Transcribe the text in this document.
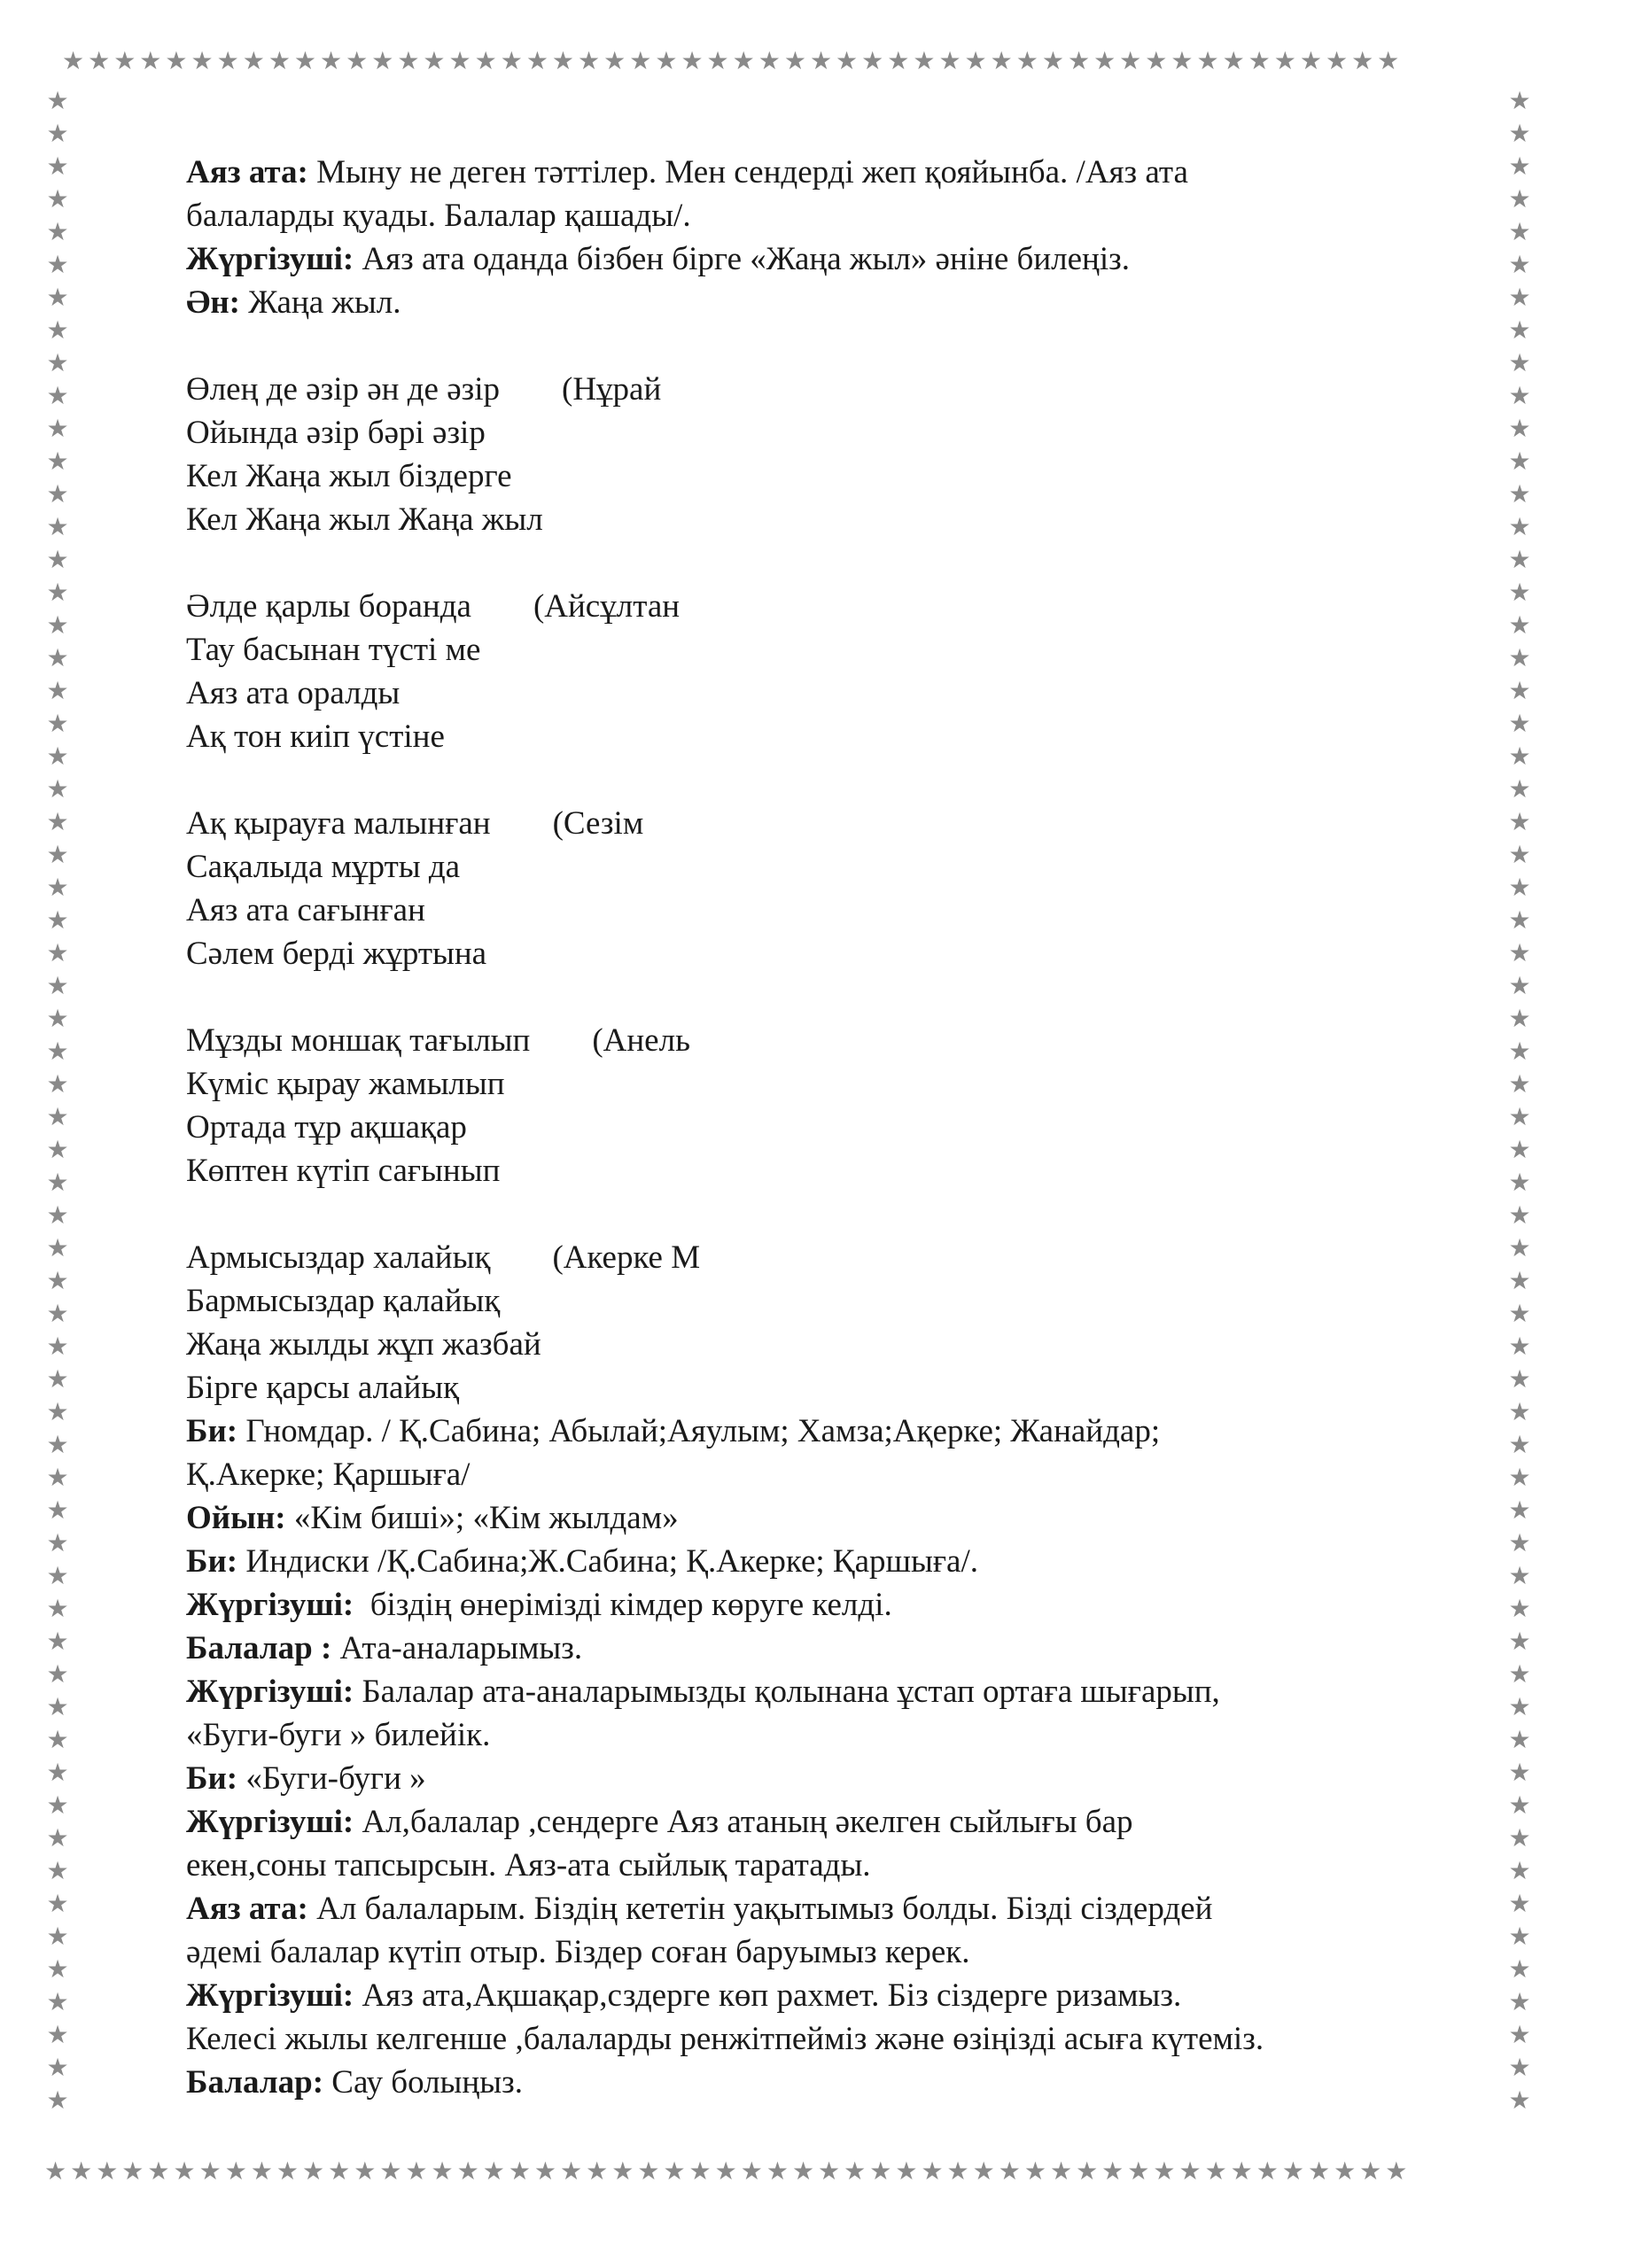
★★★★★★★★★★★★★★★★★★★★★★★★★★★★★★★★★★★★★★★★★★★★★★★★★★★★
★★★★★★★★★★★★★★★★★★★★★★★★★★★★★★★★★★★★★★★★★★★★★★★★★★★★★
★
★
★
★
★
★
★
★
★
★
★
★
★
★
★
★
★
★
★
★
★
★
★
★
★
★
★
★
★
★
★
★
★
★
★
★
★
★
★
★
★
★
★
★
★
★
★
★
★
★
★
★
★
★
★
★
★
★
★
★
★
★
★
★
★
★
★
★
★
★
★
★
★
★
★
★
★
★
★
★
★
★
★
★
★
★
★
★
★
★
★
★
★
★
★
★
★
★
★
★
★
★
★
★
★
★
★
★
★
★
★
★
★
★
★
★
★
★
★
★
★
★
★
★
Аяз ата: Мыну не деген тәттілер. Мен сендерді жеп қояйынба. /Аяз ата
балаларды қуады. Балалар қашады/.
Жүргізуші: Аяз ата оданда бізбен бірге «Жаңа жыл» әніне билеңіз.
Ән: Жаңа жыл.
Өлең де әзір ән де әзір (Нұрай
Ойында әзір бәрі әзір
Кел Жаңа жыл біздерге
Кел Жаңа жыл Жаңа жыл
Әлде қарлы боранда (Айсұлтан
Тау басынан түсті ме
Аяз ата оралды
Ақ тон киіп үстіне
Ақ қырауға малынған (Сезім
Сақалыда мұрты да
Аяз ата сағынған
Сәлем берді жұртына
Мұзды моншақ тағылып (Анель
Күміс қырау жамылып
Ортада тұр ақшақар
Көптен күтіп сағынып
Армысыздар халайық (Акерке М
Бармысыздар қалайық
Жаңа жылды жұп жазбай
Бірге қарсы алайық
Би: Гномдар. / Қ.Сабина; Абылай;Аяулым; Хамза;Ақерке; Жанайдар;
Қ.Акерке; Қаршыға/
Ойын: «Кім биші»; «Кім жылдам»
Би: Индиски /Қ.Сабина;Ж.Сабина; Қ.Акерке; Қаршыға/.
Жүргізуші:  біздің өнерімізді кімдер көруге келді.
Балалар : Ата-аналарымыз.
Жүргізуші: Балалар ата-аналарымызды қолынана ұстап ортаға шығарып,
«Буги-буги » билейік.
Би: «Буги-буги »
Жүргізуші: Ал,балалар ,сендерге Аяз атаның әкелген сыйлығы бар
екен,соны тапсырсын. Аяз-ата сыйлық таратады.
Аяз ата: Ал балаларым. Біздің кететін уақытымыз болды. Бізді сіздердей
әдемі балалар күтіп отыр. Біздер соған баруымыз керек.
Жүргізуші: Аяз ата,Ақшақар,сздерге көп рахмет. Біз сіздерге ризамыз.
Келесі жылы келгенше ,балаларды ренжітпейміз және өзіңізді асыға күтеміз.
Балалар: Сау болыңыз.
